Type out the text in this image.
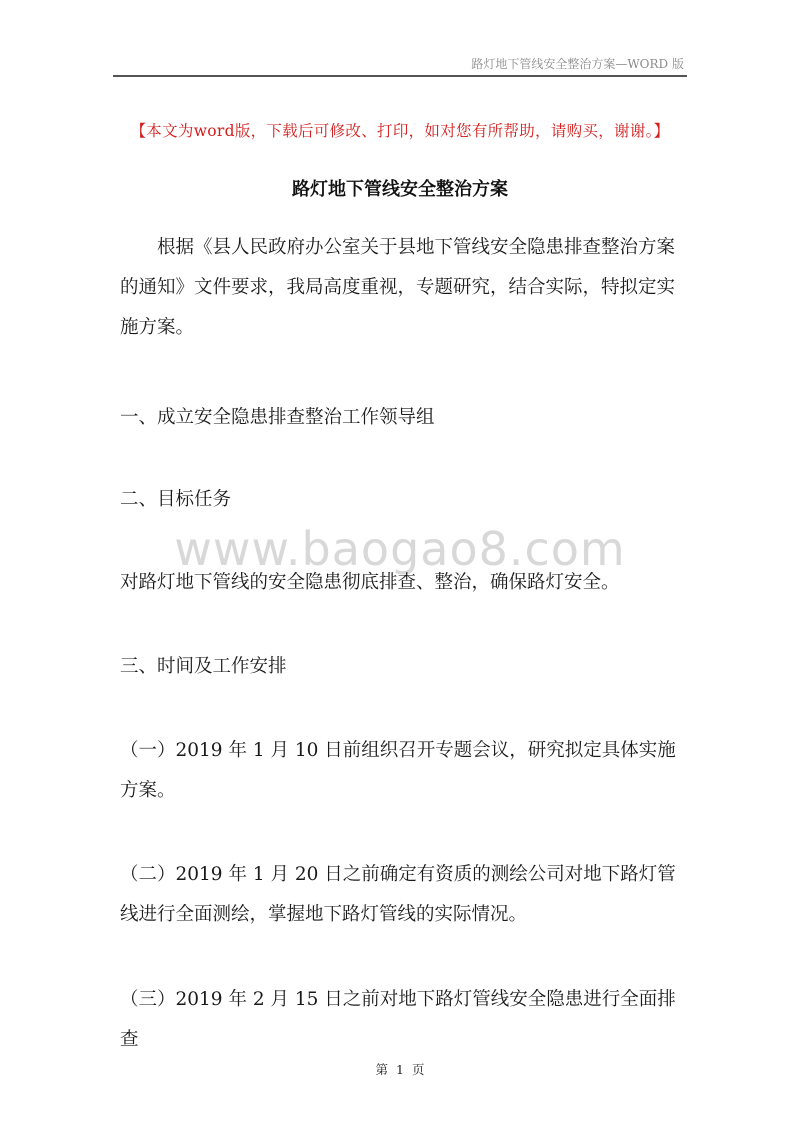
路灯地下管线安全整治方案—WORD 版
【本文为word版，下载后可修改、打印，如对您有所帮助，请购买，谢谢。】
路灯地下管线安全整治方案
根据《县人民政府办公室关于县地下管线安全隐患排查整治方案的通知》文件要求，我局高度重视，专题研究，结合实际，特拟定实施方案。
一、成立安全隐患排查整治工作领导组
二、目标任务
www.baogao8.com
对路灯地下管线的安全隐患彻底排查、整治，确保路灯安全。
三、时间及工作安排
（一）2019 年 1 月 10 日前组织召开专题会议，研究拟定具体实施方案。
（二）2019 年 1 月 20 日之前确定有资质的测绘公司对地下路灯管线进行全面测绘，掌握地下路灯管线的实际情况。
（三）2019 年 2 月 15 日之前对地下路灯管线安全隐患进行全面排查
第 1 页
